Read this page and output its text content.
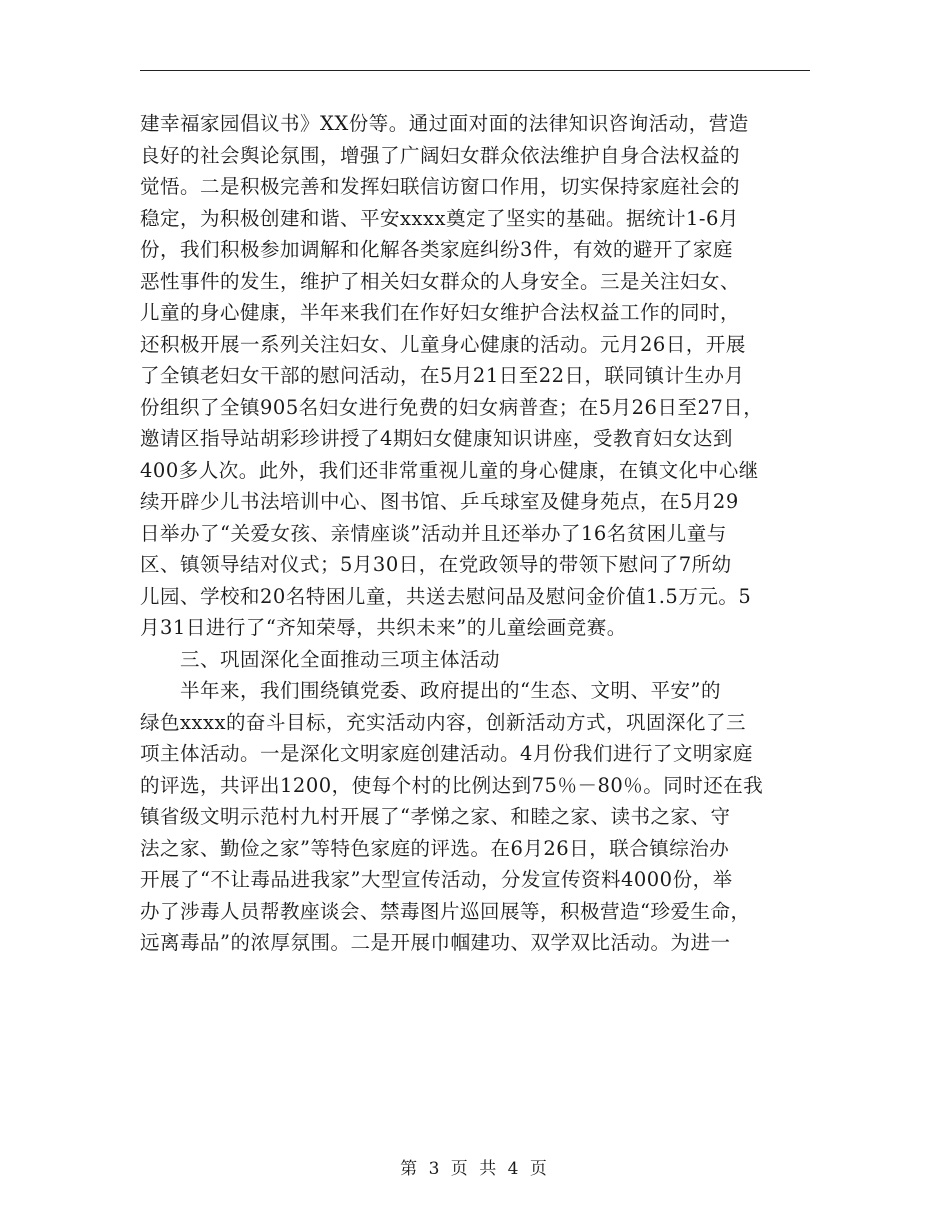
建幸福家园倡议书》XX份等。通过面对面的法律知识咨询活动，营造
良好的社会舆论氛围，增强了广阔妇女群众依法维护自身合法权益的
觉悟。二是积极完善和发挥妇联信访窗口作用，切实保持家庭社会的
稳定，为积极创建和谐、平安xxxx奠定了坚实的基础。据统计1-6月
份，我们积极参加调解和化解各类家庭纠纷3件，有效的避开了家庭
恶性事件的发生，维护了相关妇女群众的人身安全。三是关注妇女、
儿童的身心健康，半年来我们在作好妇女维护合法权益工作的同时，
还积极开展一系列关注妇女、儿童身心健康的活动。元月26日，开展
了全镇老妇女干部的慰问活动，在5月21日至22日，联同镇计生办月
份组织了全镇905名妇女进行免费的妇女病普查；在5月26日至27日，
邀请区指导站胡彩珍讲授了4期妇女健康知识讲座，受教育妇女达到
400多人次。此外，我们还非常重视儿童的身心健康，在镇文化中心继
续开辟少儿书法培训中心、图书馆、乒乓球室及健身苑点，在5月29
日举办了“关爱女孩、亲情座谈”活动并且还举办了16名贫困儿童与
区、镇领导结对仪式；5月30日，在党政领导的带领下慰问了7所幼
儿园、学校和20名特困儿童，共送去慰问品及慰问金价值1.5万元。5
月31日进行了“齐知荣辱，共织未来”的儿童绘画竞赛。
三、巩固深化全面推动三项主体活动
半年来，我们围绕镇党委、政府提出的“生态、文明、平安”的
绿色xxxx的奋斗目标，充实活动内容，创新活动方式，巩固深化了三
项主体活动。一是深化文明家庭创建活动。4月份我们进行了文明家庭
的评选，共评出1200，使每个村的比例达到75％－80％。同时还在我
镇省级文明示范村九村开展了“孝悌之家、和睦之家、读书之家、守
法之家、勤俭之家”等特色家庭的评选。在6月26日，联合镇综治办
开展了“不让毒品进我家”大型宣传活动，分发宣传资料4000份，举
办了涉毒人员帮教座谈会、禁毒图片巡回展等，积极营造“珍爱生命，
远离毒品”的浓厚氛围。二是开展巾帼建功、双学双比活动。为进一
第 3 页 共 4 页
